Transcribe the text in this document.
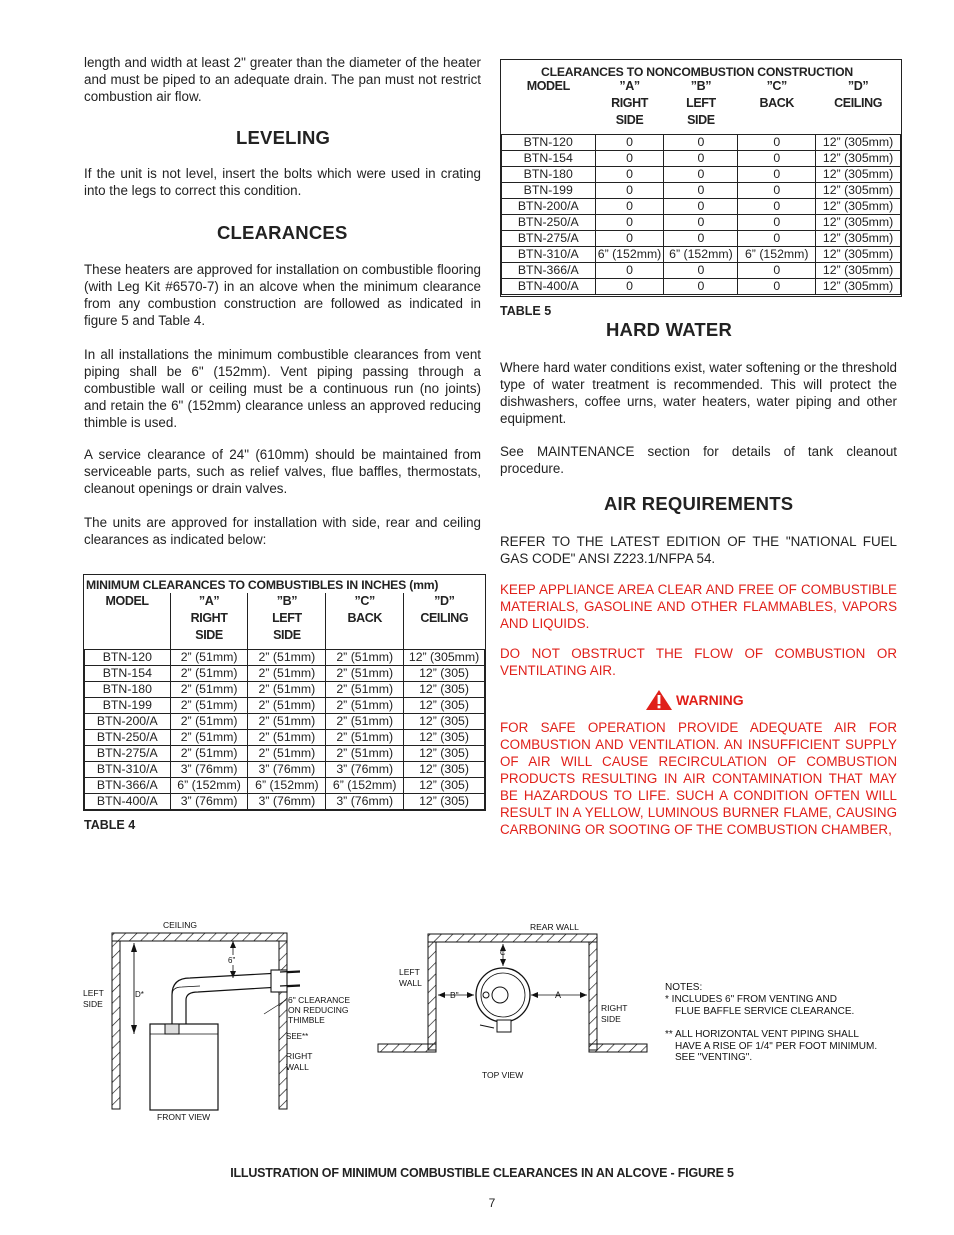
length and width at least 2" greater than the diameter of the heater and must be piped to an adequate drain. The pan must not restrict combustion air flow.

LEVELING

If the unit is not level, insert the bolts which were used in crating into the legs to correct this condition.

CLEARANCES

These heaters are approved for installation on combustible flooring (with Leg Kit #6570-7) in an alcove when the minimum clearance from any combustion construction are followed as indicated in figure 5 and Table 4.

In all installations the minimum combustible clearances from vent piping shall be 6" (152mm). Vent piping passing through a combustible wall or ceiling must be a continuous run (no joints) and retain the 6" (152mm) clearance unless an approved reducing thimble is used.

A service clearance of 24" (610mm) should be maintained from serviceable parts, such as relief valves, flue baffles, thermostats, cleanout openings or drain valves.

The units are approved for installation with side, rear and ceiling clearances as indicated below:

MINIMUM CLEARANCES TO COMBUSTIBLES IN INCHES (mm)
MODEL	”A”
RIGHT
SIDE	”B”
LEFT
SIDE	”C”
BACK	”D”
CEILING
BTN-120	2” (51mm)	2” (51mm)	2” (51mm)	12” (305mm)
BTN-154	2” (51mm)	2” (51mm)	2” (51mm)	12” (305)
BTN-180	2” (51mm)	2” (51mm)	2” (51mm)	12” (305)
BTN-199	2” (51mm)	2” (51mm)	2” (51mm)	12” (305)
BTN-200/A	2” (51mm)	2” (51mm)	2” (51mm)	12” (305)
BTN-250/A	2” (51mm)	2” (51mm)	2” (51mm)	12” (305)
BTN-275/A	2” (51mm)	2” (51mm)	2” (51mm)	12” (305)
BTN-310/A	3” (76mm)	3” (76mm)	3” (76mm)	12” (305)
BTN-366/A	6” (152mm)	6” (152mm)	6” (152mm)	12” (305)
BTN-400/A	3” (76mm)	3” (76mm)	3” (76mm)	12” (305)
TABLE 4
CLEARANCES TO NONCOMBUSTION CONSTRUCTION
MODEL	”A”
RIGHT
SIDE	”B”
LEFT
SIDE	”C”
BACK	”D”
CEILING
BTN-120	0	0	0	12” (305mm)
BTN-154	0	0	0	12” (305mm)
BTN-180	0	0	0	12” (305mm)
BTN-199	0	0	0	12” (305mm)
BTN-200/A	0	0	0	12” (305mm)
BTN-250/A	0	0	0	12” (305mm)
BTN-275/A	0	0	0	12” (305mm)
BTN-310/A	6” (152mm)	6” (152mm)	6” (152mm)	12” (305mm)
BTN-366/A	0	0	0	12” (305mm)
BTN-400/A	0	0	0	12” (305mm)
TABLE 5
HARD WATER

Where hard water conditions exist, water softening or the threshold type of water treatment is recommended. This will protect the dishwashers, coffee urns, water heaters, water piping and other equipment.

See MAINTENANCE section for details of tank cleanout procedure.

AIR REQUIREMENTS

REFER TO THE LATEST EDITION OF THE "NATIONAL FUEL GAS CODE" ANSI Z223.1/NFPA 54.

KEEP APPLIANCE AREA CLEAR AND FREE OF COMBUSTIBLE MATERIALS, GASOLINE AND OTHER FLAMMABLES, VAPORS AND LIQUIDS.

DO NOT OBSTRUCT THE FLOW OF COMBUSTION OR VENTILATING AIR.

WARNING

FOR SAFE OPERATION PROVIDE ADEQUATE AIR FOR COMBUSTION AND VENTILATION. AN INSUFFICIENT SUPPLY OF AIR WILL CAUSE RECIRCULATION OF COMBUSTION PRODUCTS RESULTING IN AIR CONTAMINATION THAT MAY BE HAZARDOUS TO LIFE. SUCH A CONDITION OFTEN WILL RESULT IN A YELLOW, LUMINOUS BURNER FLAME, CAUSING CARBONING OR SOOTING OF THE COMBUSTION CHAMBER,

CEILING
D*
LEFT
SIDE
6"
6" CLEARANCE
ON REDUCING
THIMBLE
SEE**
RIGHT
WALL
FRONT VIEW
REAR WALL
LEFT
WALL
C
B"	A
RIGHT
SIDE
TOP VIEW
NOTES:
* INCLUDES 6" FROM VENTING AND
FLUE BAFFLE SERVICE CLEARANCE.
** ALL HORIZONTAL VENT PIPING SHALL
HAVE A RISE OF 1/4" PER FOOT MINIMUM.
SEE "VENTING".
ILLUSTRATION OF MINIMUM COMBUSTIBLE CLEARANCES IN AN ALCOVE - FIGURE 5
7
